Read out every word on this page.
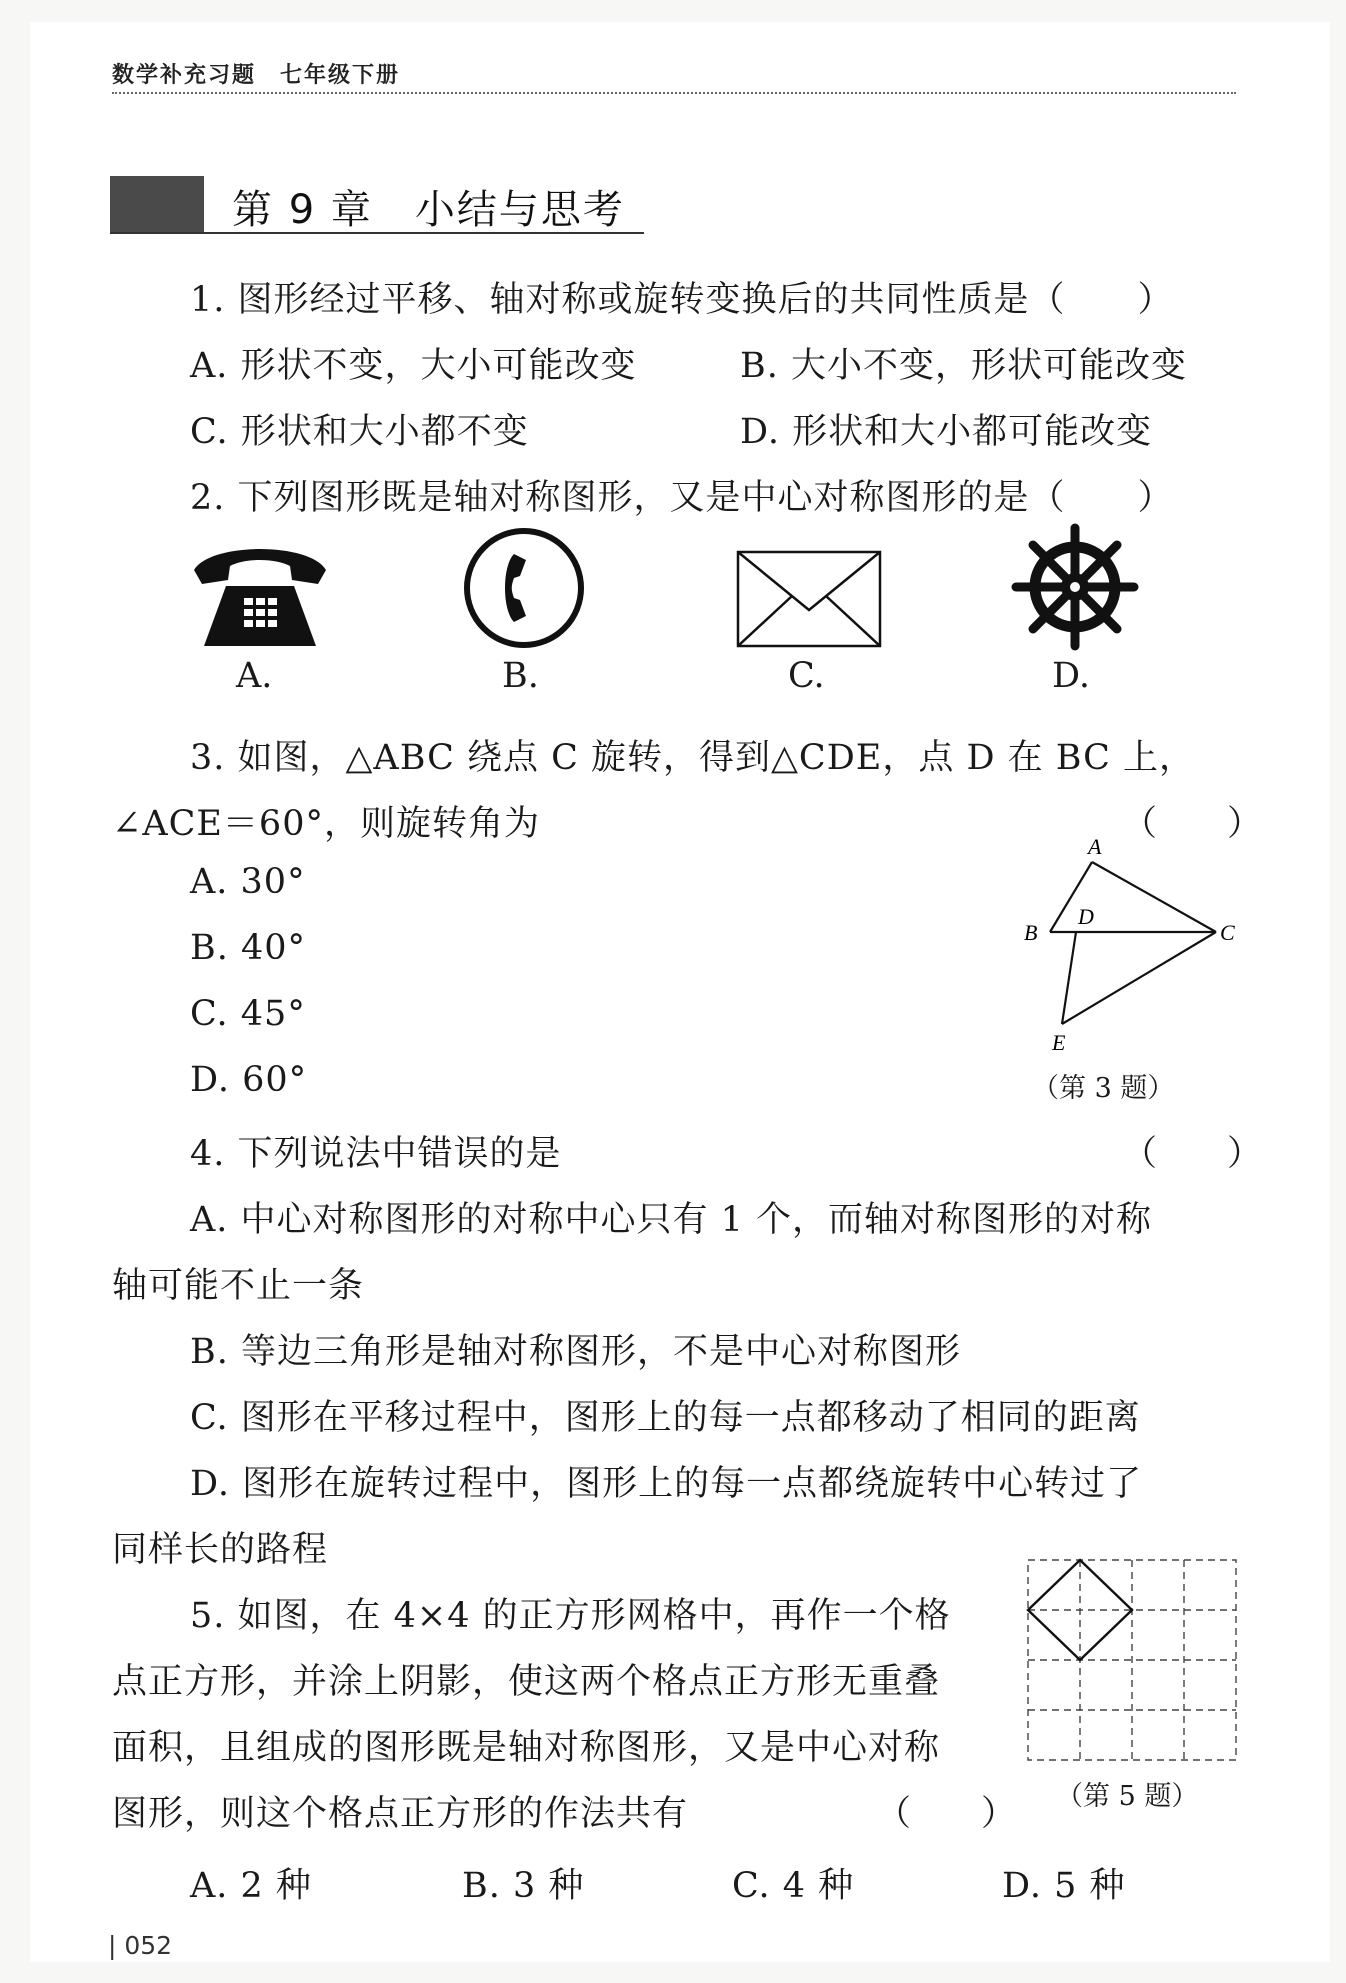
数学补充习题　七年级下册
第 9 章　小结与思考
1. 图形经过平移、轴对称或旋转变换后的共同性质是（　　）
A. 形状不变，大小可能改变	B. 大小不变，形状可能改变
C. 形状和大小都不变	D. 形状和大小都可能改变
2. 下列图形既是轴对称图形，又是中心对称图形的是（　　）
A.	B.	C.	D.
3. 如图，△ABC 绕点 C 旋转，得到△CDE，点 D 在 BC 上，
∠ACE＝60°，则旋转角为	（　　）
A. 30°
B. 40°
C. 45°
D. 60°
A
B	C
D
E
（第 3 题）
4. 下列说法中错误的是	（　　）
A. 中心对称图形的对称中心只有 1 个，而轴对称图形的对称
轴可能不止一条
B. 等边三角形是轴对称图形，不是中心对称图形
C. 图形在平移过程中，图形上的每一点都移动了相同的距离
D. 图形在旋转过程中，图形上的每一点都绕旋转中心转过了
同样长的路程
5. 如图，在 4×4 的正方形网格中，再作一个格
点正方形，并涂上阴影，使这两个格点正方形无重叠
面积，且组成的图形既是轴对称图形，又是中心对称
图形，则这个格点正方形的作法共有	（　　） （第 5 题）
A. 2 种	B. 3 种	C. 4 种	D. 5 种
| 052
